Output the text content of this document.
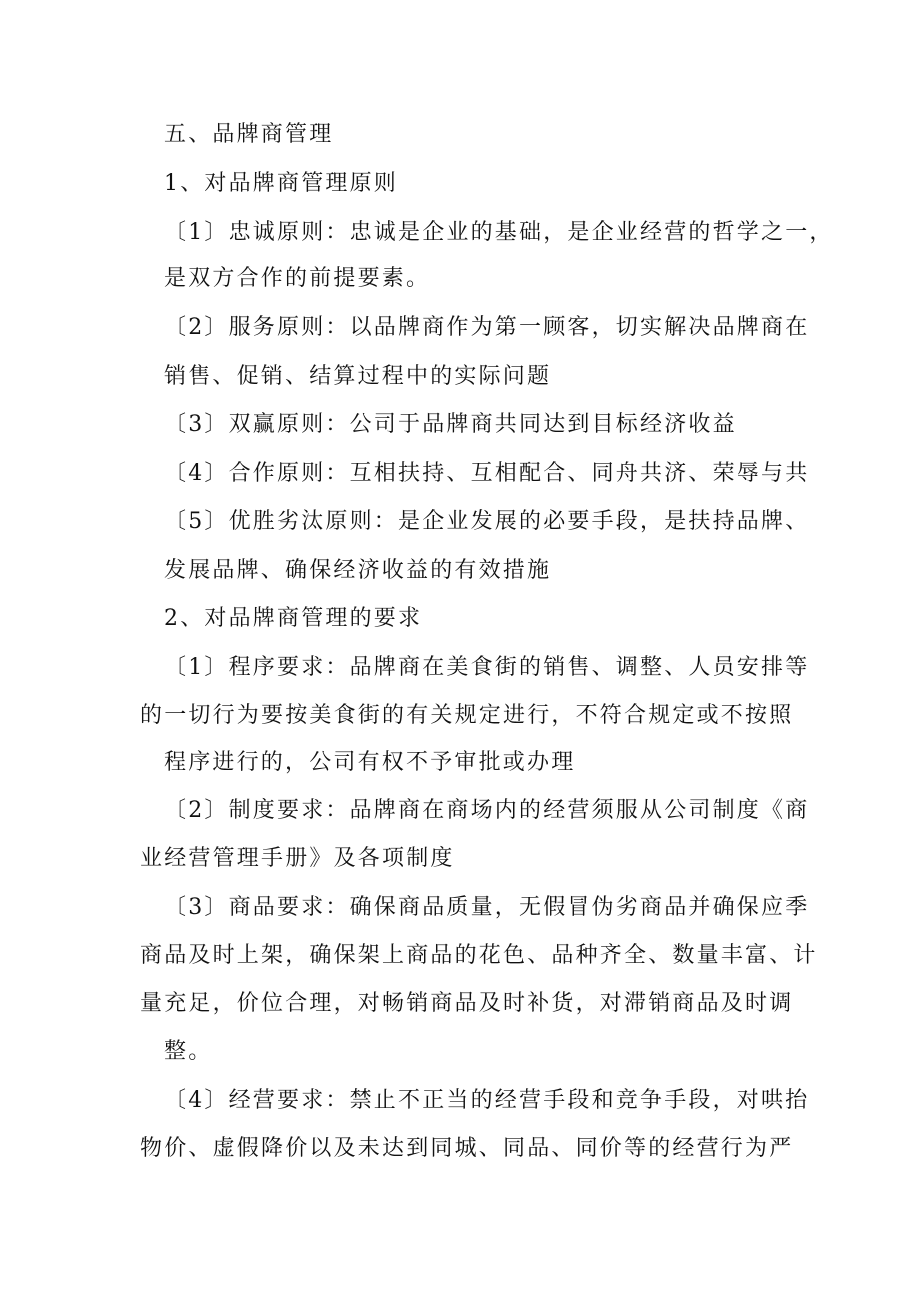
五、品牌商管理
1、对品牌商管理原则
〔1〕忠诚原则：忠诚是企业的基础，是企业经营的哲学之一，
是双方合作的前提要素。
〔2〕服务原则：以品牌商作为第一顾客，切实解决品牌商在
销售、促销、结算过程中的实际问题
〔3〕双赢原则：公司于品牌商共同达到目标经济收益
〔4〕合作原则：互相扶持、互相配合、同舟共济、荣辱与共
〔5〕优胜劣汰原则：是企业发展的必要手段，是扶持品牌、
发展品牌、确保经济收益的有效措施
2、对品牌商管理的要求
〔1〕程序要求：品牌商在美食街的销售、调整、人员安排等
的一切行为要按美食街的有关规定进行，不符合规定或不按照
程序进行的，公司有权不予审批或办理
〔2〕制度要求：品牌商在商场内的经营须服从公司制度《商
业经营管理手册》及各项制度
〔3〕商品要求：确保商品质量，无假冒伪劣商品并确保应季
商品及时上架，确保架上商品的花色、品种齐全、数量丰富、计
量充足，价位合理，对畅销商品及时补货，对滞销商品及时调
整。
〔4〕经营要求：禁止不正当的经营手段和竞争手段，对哄抬
物价、虚假降价以及未达到同城、同品、同价等的经营行为严
